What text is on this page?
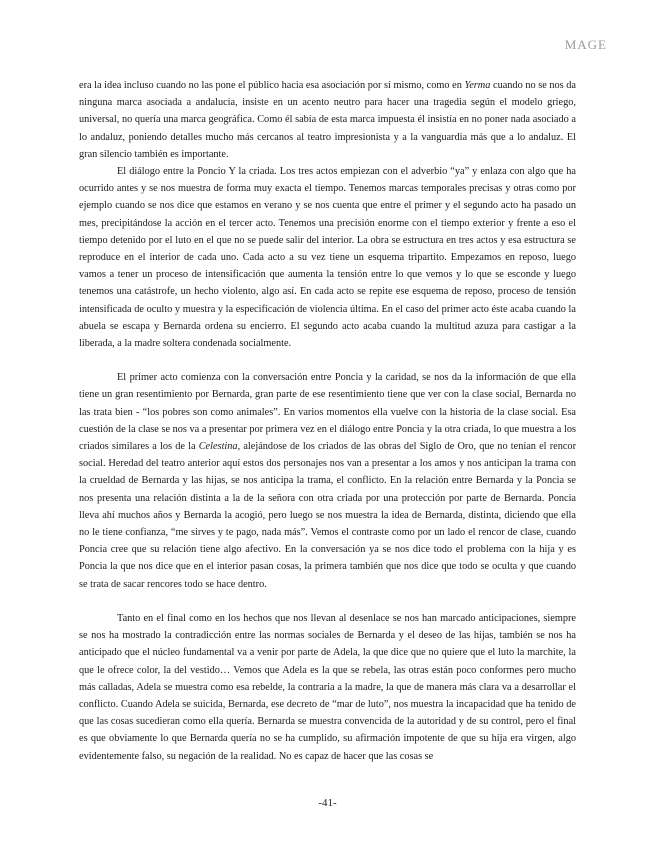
MAGE

era la idea incluso cuando no las pone el público hacia esa asociación por sí mismo, como en Yerma cuando no se nos da ninguna marca asociada a andalucía, insiste en un acento neutro para hacer una tragedia según el modelo griego, universal, no quería una marca geográfica. Como él sabía de esta marca impuesta él insistía en no poner nada asociado a lo andaluz, poniendo detalles mucho más cercanos al teatro impresionista y a la vanguardia más que a lo andaluz. El gran silencio también es importante.

El diálogo entre la Poncio Y la criada. Los tres actos empiezan con el adverbio “ya” y enlaza con algo que ha ocurrido antes y se nos muestra de forma muy exacta el tiempo. Tenemos marcas temporales precisas y otras como por ejemplo cuando se nos dice que estamos en verano y se nos cuenta que entre el primer y el segundo acto ha pasado un mes, precipitándose la acción en el tercer acto. Tenemos una precisión enorme con el tiempo exterior y frente a eso el tiempo detenido por el luto en el que no se puede salir del interior. La obra se estructura en tres actos y esa estructura se reproduce en el interior de cada uno. Cada acto a su vez tiene un esquema tripartito. Empezamos en reposo, luego vamos a tener un proceso de intensificación que aumenta la tensión entre lo que vemos y lo que se esconde y luego tenemos una catástrofe, un hecho violento, algo así. En cada acto se repite ese esquema de reposo, proceso de tensión intensificada de oculto y muestra y la especificación de violencia última. En el caso del primer acto éste acaba cuando la abuela se escapa y Bernarda ordena su encierro. El segundo acto acaba cuando la multitud azuza para castigar a la liberada, a la madre soltera condenada socialmente.

El primer acto comienza con la conversación entre Poncia y la caridad, se nos da la información de que ella tiene un gran resentimiento por Bernarda, gran parte de ese resentimiento tiene que ver con la clase social, Bernarda no las trata bien - “los pobres son como animales”. En varios momentos ella vuelve con la historia de la clase social. Esa cuestión de la clase se nos va a presentar por primera vez en el diálogo entre Poncia y la otra criada, lo que muestra a los criados similares a los de la Celestina, alejándose de los criados de las obras del Siglo de Oro, que no tenían el rencor social. Heredad del teatro anterior aquí estos dos personajes nos van a presentar a los amos y nos anticipan la trama con la crueldad de Bernarda y las hijas, se nos anticipa la trama, el conflicto. En la relación entre Bernarda y la Poncia se nos presenta una relación distinta a la de la señora con otra criada por una protección por parte de Bernarda. Poncia lleva ahí muchos años y Bernarda la acogió, pero luego se nos muestra la idea de Bernarda, distinta, diciendo que ella no le tiene confianza, “me sirves y te pago, nada más”. Vemos el contraste como por un lado el rencor de clase, cuando Poncia cree que su relación tiene algo afectivo. En la conversación ya se nos dice todo el problema con la hija y es Poncia la que nos dice que en el interior pasan cosas, la primera también que nos dice que todo se oculta y que cuando se trata de sacar rencores todo se hace dentro.

Tanto en el final como en los hechos que nos llevan al desenlace se nos han marcado anticipaciones, siempre se nos ha mostrado la contradicción entre las normas sociales de Bernarda y el deseo de las hijas, también se nos ha anticipado que el núcleo fundamental va a venir por parte de Adela, la que dice que no quiere que el luto la marchite, la que le ofrece color, la del vestido… Vemos que Adela es la que se rebela, las otras están poco conformes pero mucho más calladas, Adela se muestra como esa rebelde, la contraria a la madre, la que de manera más clara va a desarrollar el conflicto. Cuando Adela se suicida, Bernarda, ese decreto de “mar de luto”, nos muestra la incapacidad que ha tenido de que las cosas sucedieran como ella quería. Bernarda se muestra convencida de la autoridad y de su control, pero el final es que obviamente lo que Bernarda quería no se ha cumplido, su afirmación impotente de que su hija era virgen, algo evidentemente falso, su negación de la realidad. No es capaz de hacer que las cosas se

-41-
